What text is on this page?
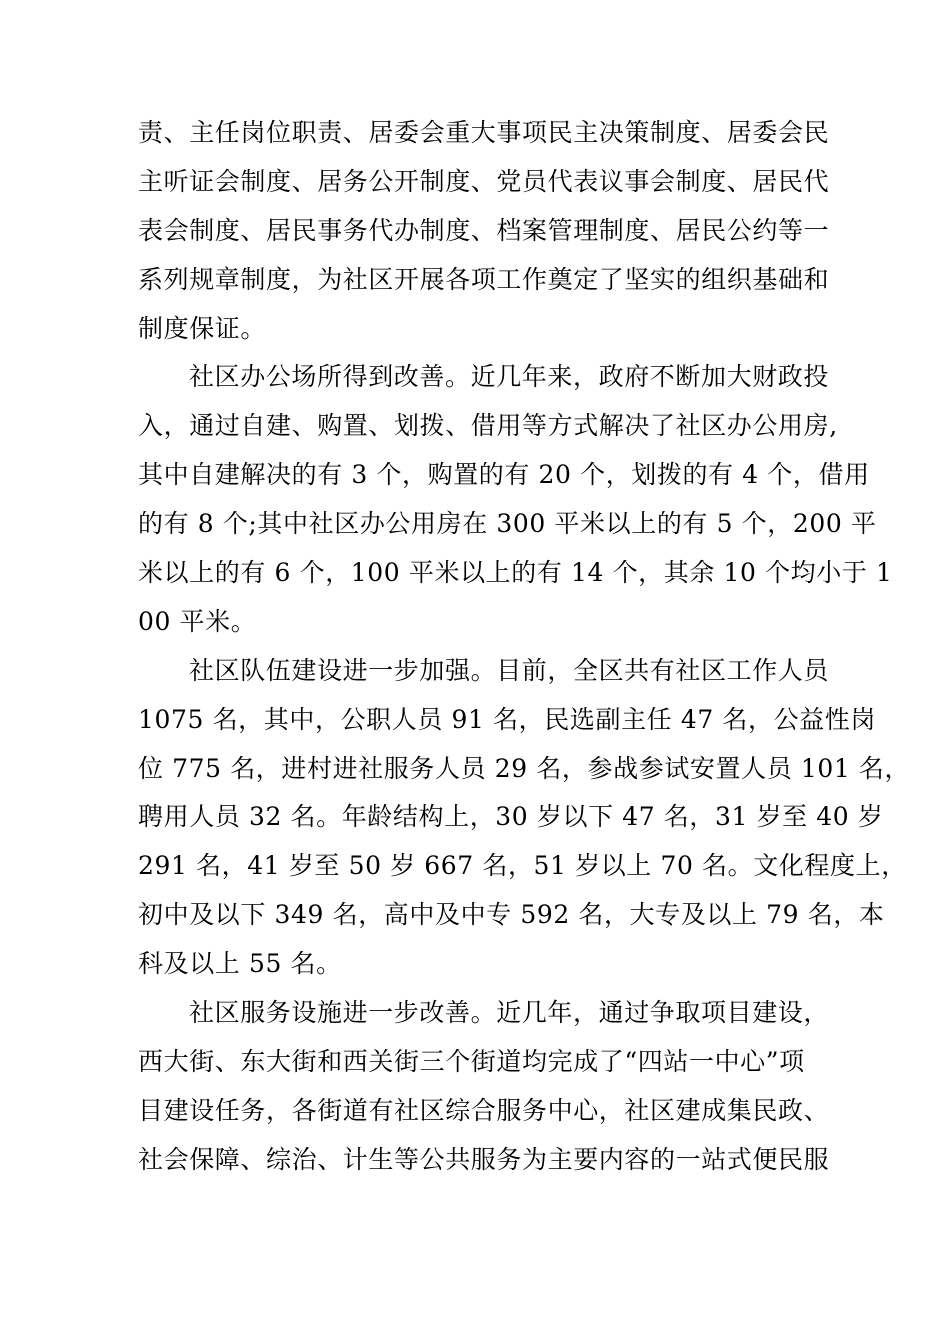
责、主任岗位职责、居委会重大事项民主决策制度、居委会民
主听证会制度、居务公开制度、党员代表议事会制度、居民代
表会制度、居民事务代办制度、档案管理制度、居民公约等一
系列规章制度，为社区开展各项工作奠定了坚实的组织基础和
制度保证。
社区办公场所得到改善。近几年来，政府不断加大财政投
入，通过自建、购置、划拨、借用等方式解决了社区办公用房,
其中自建解决的有 3 个，购置的有 20 个，划拨的有 4 个，借用
的有 8 个;其中社区办公用房在 300 平米以上的有 5 个，200 平
米以上的有 6 个，100 平米以上的有 14 个，其余 10 个均小于 1
00 平米。
社区队伍建设进一步加强。目前，全区共有社区工作人员
1075 名，其中，公职人员 91 名，民选副主任 47 名，公益性岗
位 775 名，进村进社服务人员 29 名，参战参试安置人员 101 名，
聘用人员 32 名。年龄结构上，30 岁以下 47 名，31 岁至 40 岁
291 名，41 岁至 50 岁 667 名，51 岁以上 70 名。文化程度上，
初中及以下 349 名，高中及中专 592 名，大专及以上 79 名，本
科及以上 55 名。
社区服务设施进一步改善。近几年，通过争取项目建设，
西大街、东大街和西关街三个街道均完成了“四站一中心”项
目建设任务，各街道有社区综合服务中心，社区建成集民政、
社会保障、综治、计生等公共服务为主要内容的一站式便民服
